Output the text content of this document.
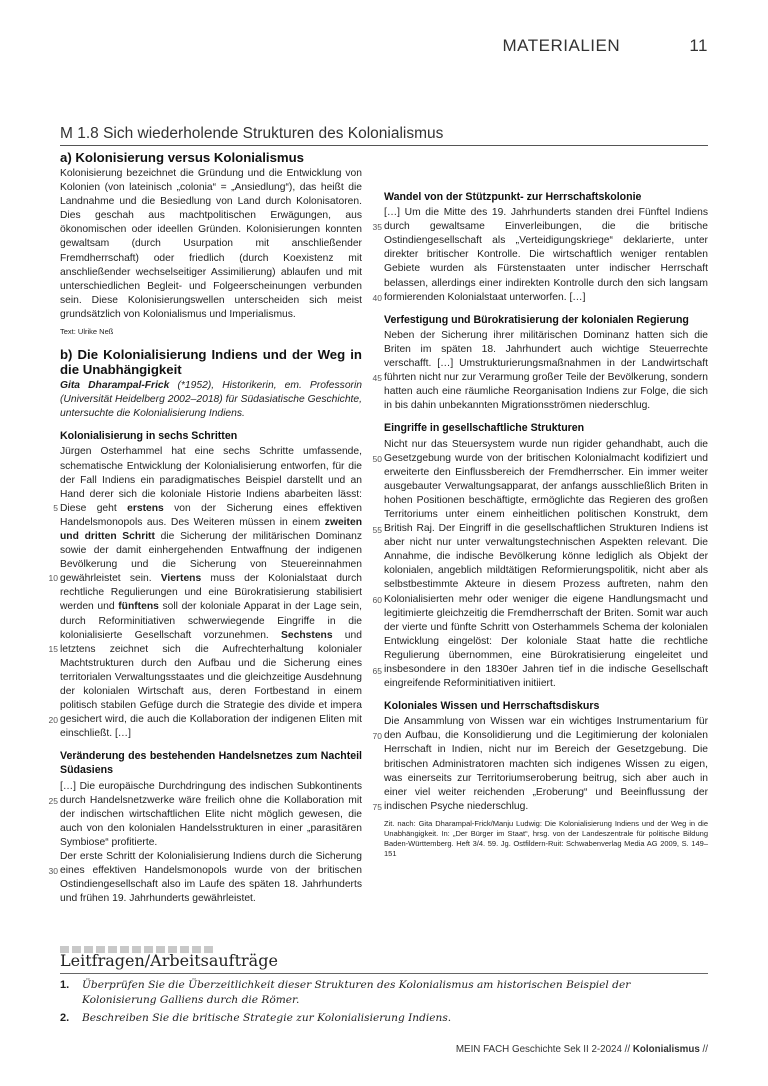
MATERIALIEN	11
M 1.8 Sich wiederholende Strukturen des Kolonialismus
a) Kolonisierung versus Kolonialismus

Kolonisierung bezeichnet die Gründung und die Entwicklung von Kolonien (von lateinisch „colonia“ = „Ansiedlung“), das heißt die Landnahme und die Besiedlung von Land durch Kolonisatoren. Dies geschah aus machtpolitischen Erwägungen, aus ökonomischen oder ideellen Gründen. Kolonisierungen konnten gewaltsam (durch Usurpation mit anschließender Fremdherrschaft) oder friedlich (durch Koexistenz mit anschließender wechselseitiger Assimilierung) ablaufen und mit unterschiedlichen Begleit- und Folgeerscheinungen verbunden sein. Diese Kolonisierungswellen unterscheiden sich meist grundsätzlich von Kolonialismus und Imperialismus.

Text: Ulrike Neß
b) Die Kolonialisierung Indiens und der Weg in die Unabhängigkeit

Gita Dharampal-Frick (*1952), Historikerin, em. Professorin (Universität Heidelberg 2002–2018) für Südasiatische Geschichte, untersuchte die Kolonialisierung Indiens.

Kolonialisierung in sechs Schritten

Jürgen Osterhammel hat eine sechs Schritte umfassende, schematische Entwicklung der Kolonialisierung entworfen, für die der Fall Indiens ein paradigmatisches Beispiel darstellt und an Hand derer sich die koloniale Historie Indiens abarbeiten lässt: Diese geht erstens von der Sicherung eines effektiven Handelsmonopols aus. Des Weiteren müssen in einem zweiten und dritten Schritt die Sicherung der militärischen Dominanz sowie der damit einhergehenden Entwaffnung der indigenen Bevölkerung und die Sicherung von Steuereinnahmen gewährleistet sein. Viertens muss der Kolonialstaat durch rechtliche Regulierungen und eine Bürokratisierung stabilisiert werden und fünftens soll der koloniale Apparat in der Lage sein, durch Reforminitiativen schwerwiegende Eingriffe in die kolonialisierte Gesellschaft vorzunehmen. Sechstens und letztens zeichnet sich die Aufrechterhaltung kolonialer Machtstrukturen durch den Aufbau und die Sicherung eines territorialen Verwaltungsstaates und die gleichzeitige Ausdehnung der kolonialen Wirtschaft aus, deren Fortbestand in einem politisch stabilen Gefüge durch die Strategie des divide et impera gesichert wird, die auch die Kollaboration der indigenen Eliten mit einschließt. […]
5
10
15
20

Veränderung des bestehenden Handelsnetzes zum Nachteil Südasiens

[…] Die europäische Durchdringung des indischen Subkontinents durch Handelsnetzwerke wäre freilich ohne die Kollaboration mit der indischen wirtschaftlichen Elite nicht möglich gewesen, die auch von den kolonialen Handelsstrukturen in einer „parasitären Symbiose“ profitierte.
25

Der erste Schritt der Kolonialisierung Indiens durch die Sicherung eines effektiven Handelsmonopols wurde von der britischen Ostindiengesellschaft also im Laufe des späten 18. Jahrhunderts und frühen 19. Jahrhunderts gewährleistet.
30

Wandel von der Stützpunkt- zur Herrschaftskolonie

[…] Um die Mitte des 19. Jahrhunderts standen drei Fünftel Indiens durch gewaltsame Einverleibungen, die die britische Ostindiengesellschaft als „Verteidigungskriege“ deklarierte, unter direkter britischer Kontrolle. Die wirtschaftlich weniger rentablen Gebiete wurden als Fürstenstaaten unter indischer Herrschaft belassen, allerdings einer indirekten Kontrolle durch den sich langsam formierenden Kolonialstaat unterworfen. […]
35
40

Verfestigung und Bürokratisierung der kolonialen Regierung

Neben der Sicherung ihrer militärischen Dominanz hatten sich die Briten im späten 18. Jahrhundert auch wichtige Steuerrechte verschafft. […] Umstrukturierungsmaßnahmen in der Landwirtschaft führten nicht nur zur Verarmung großer Teile der Bevölkerung, sondern hatten auch eine räumliche Reorganisation Indiens zur Folge, die sich in bis dahin unbekannten Migrationsströmen niederschlug.
45

Eingriffe in gesellschaftliche Strukturen

Nicht nur das Steuersystem wurde nun rigider gehandhabt, auch die Gesetzgebung wurde von der britischen Kolonialmacht kodifiziert und erweiterte den Einflussbereich der Fremdherrscher. Ein immer weiter ausgebauter Verwaltungsapparat, der anfangs ausschließlich Briten in hohen Positionen beschäftigte, ermöglichte das Regieren des großen Territoriums unter einem einheitlichen politischen Konstrukt, dem British Raj. Der Eingriff in die gesellschaftlichen Strukturen Indiens ist aber nicht nur unter verwaltungstechnischen Aspekten relevant. Die Annahme, die indische Bevölkerung könne lediglich als Objekt der kolonialen, angeblich mildtätigen Reformierungspolitik, nicht aber als selbstbestimmte Akteure in diesem Prozess auftreten, nahm den Kolonialisierten mehr oder weniger die eigene Handlungsmacht und legitimierte gleichzeitig die Fremdherrschaft der Briten. Somit war auch der vierte und fünfte Schritt von Osterhammels Schema der kolonialen Entwicklung eingelöst: Der koloniale Staat hatte die rechtliche Regulierung übernommen, eine Bürokratisierung eingeleitet und insbesondere in den 1830er Jahren tief in die indische Gesellschaft eingreifende Reforminitiativen initiiert.
50
55
60
65

Koloniales Wissen und Herrschaftsdiskurs

Die Ansammlung von Wissen war ein wichtiges Instrumentarium für den Aufbau, die Konsolidierung und die Legitimierung der kolonialen Herrschaft in Indien, nicht nur im Bereich der Gesetzgebung. Die britischen Administratoren machten sich indigenes Wissen zu eigen, was einerseits zur Territoriumseroberung beitrug, sich aber auch in einer viel weiter reichenden „Eroberung“ und Beeinflussung der indischen Psyche niederschlug.
70
75

Zit. nach: Gita Dharampal-Frick/Manju Ludwig: Die Kolonialisierung Indiens und der Weg in die Unabhängigkeit. In: „Der Bürger im Staat“, hrsg. von der Landeszentrale für politische Bildung Baden-Württemberg. Heft 3/4. 59. Jg. Ostfildern-Ruit: Schwabenverlag Media AG 2009, S. 149–151
Leitfragen/Arbeitsaufträge
1. Überprüfen Sie die Überzeitlichkeit dieser Strukturen des Kolonialismus am historischen Beispiel der Kolonisierung Galliens durch die Römer.
2. Beschreiben Sie die britische Strategie zur Kolonialisierung Indiens.
MEIN FACH Geschichte Sek II 2-2024 // Kolonialismus //
